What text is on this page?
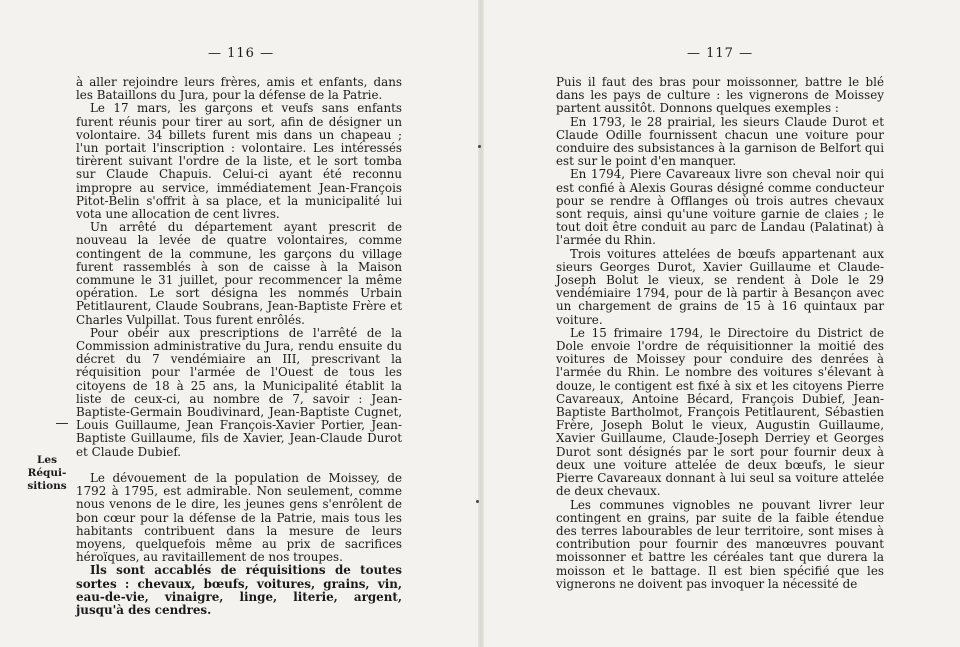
— 116 —
Les Réqui- sitions

à aller rejoindre leurs frères, amis et enfants, dans les Bataillons du Jura, pour la défense de la Patrie.

Le 17 mars, les garçons et veufs sans enfants furent réunis pour tirer au sort, afin de désigner un volontaire. 34 billets furent mis dans un chapeau ; l'un portait l'inscription : volontaire. Les intéressés tirèrent suivant l'ordre de la liste, et le sort tomba sur Claude Chapuis. Celui-ci ayant été reconnu impropre au service, immédiatement Jean-François Pitot-Belin s'offrit à sa place, et la municipalité lui vota une allocation de cent livres.

Un arrêté du département ayant prescrit de nouveau la levée de quatre volontaires, comme contingent de la commune, les garçons du village furent rassemblés à son de caisse à la Maison commune le 31 juillet, pour recommencer la même opération. Le sort désigna les nommés Urbain Petitlaurent, Claude Soubrans, Jean-Baptiste Frère et Charles Vulpillat. Tous furent enrôlés.

Pour obéir aux prescriptions de l'arrêté de la Commission administrative du Jura, rendu ensuite du décret du 7 vendémiaire an III, prescrivant la réquisition pour l'armée de l'Ouest de tous les citoyens de 18 à 25 ans, la Municipalité établit la liste de ceux-ci, au nombre de 7, savoir : Jean-Baptiste-Germain Boudivinard, Jean-Baptiste Cugnet, Louis Guillaume, Jean François-Xavier Portier, Jean-Baptiste Guillaume, fils de Xavier, Jean-Claude Durot et Claude Dubief.

Le dévouement de la population de Moissey, de 1792 à 1795, est admirable. Non seulement, comme nous venons de le dire, les jeunes gens s'enrôlent de bon cœur pour la défense de la Patrie, mais tous les habitants contribuent dans la mesure de leurs moyens, quelquefois même au prix de sacrifices héroïques, au ravitaillement de nos troupes.

Ils sont accablés de réquisitions de toutes sortes : chevaux, bœufs, voitures, grains, vin, eau-de-vie, vinaigre, linge, literie, argent, jusqu'à des cendres.

— 117 —

Puis il faut des bras pour moissonner, battre le blé dans les pays de culture : les vignerons de Moissey partent aussitôt. Donnons quelques exemples :

En 1793, le 28 prairial, les sieurs Claude Durot et Claude Odille fournissent chacun une voiture pour conduire des subsistances à la garnison de Belfort qui est sur le point d'en manquer.

En 1794, Piere Cavareaux livre son cheval noir qui est confié à Alexis Gouras désigné comme conducteur pour se rendre à Offlanges où trois autres chevaux sont requis, ainsi qu'une voiture garnie de claies ; le tout doit être conduit au parc de Landau (Palatinat) à l'armée du Rhin.

Trois voitures attelées de bœufs appartenant aux sieurs Georges Durot, Xavier Guillaume et Claude-Joseph Bolut le vieux, se rendent à Dole le 29 vendémiaire 1794, pour de là partir à Besançon avec un chargement de grains de 15 à 16 quintaux par voiture.

Le 15 frimaire 1794, le Directoire du District de Dole envoie l'ordre de réquisitionner la moitié des voitures de Moissey pour conduire des denrées à l'armée du Rhin. Le nombre des voitures s'élevant à douze, le contigent est fixé à six et les citoyens Pierre Cavareaux, Antoine Bécard, François Dubief, Jean-Baptiste Bartholmot, François Petitlaurent, Sébastien Frère, Joseph Bolut le vieux, Augustin Guillaume, Xavier Guillaume, Claude-Joseph Derriey et Georges Durot sont désignés par le sort pour fournir deux à deux une voiture attelée de deux bœufs, le sieur Pierre Cavareaux donnant à lui seul sa voiture attelée de deux chevaux.

Les communes vignobles ne pouvant livrer leur contingent en grains, par suite de la faible étendue des terres labourables de leur territoire, sont mises à contribution pour fournir des manœuvres pouvant moissonner et battre les céréales tant que durera la moisson et le battage. Il est bien spécifié que les vignerons ne doivent pas invoquer la nécessité de
